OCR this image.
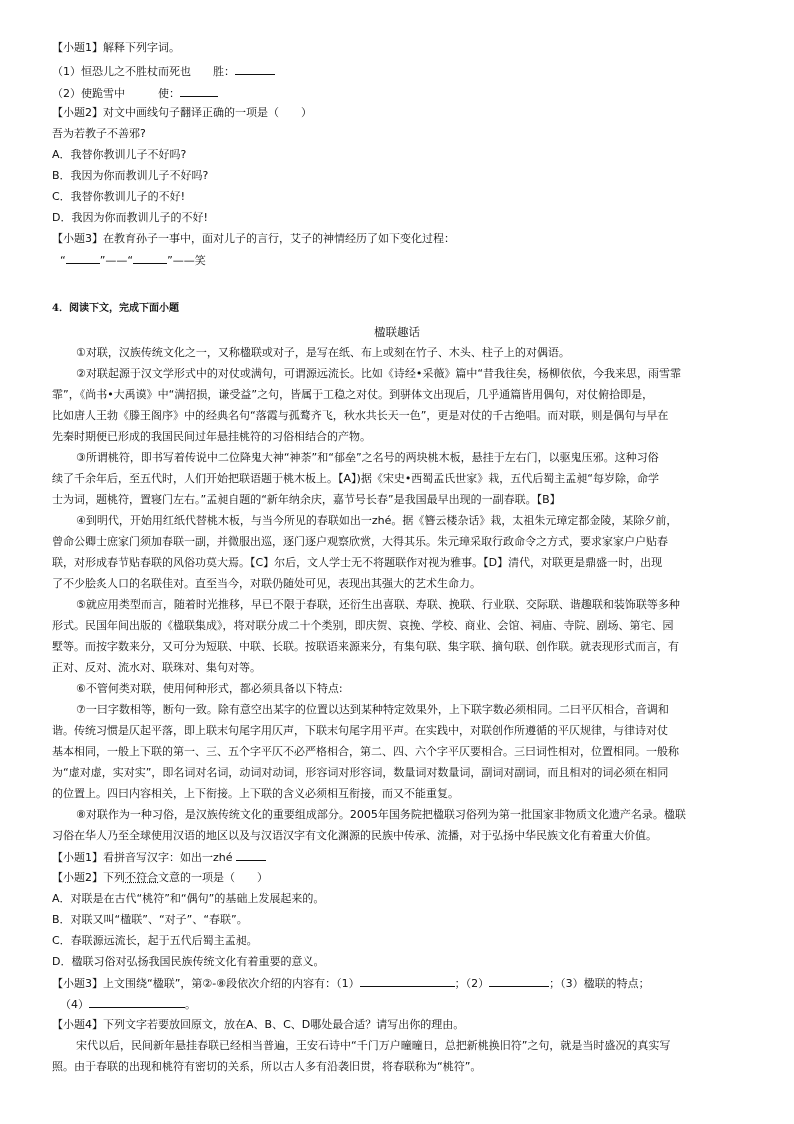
【小题1】解释下列字词。
（1）恒恐儿之不胜杖而死也　　胜：
（2）使跪雪中　　　使：
【小题2】对文中画线句子翻译正确的一项是（　　）
吾为若教子不善邪?
A．我替你教训儿子不好吗?
B．我因为你而教训儿子不好吗?
C．我替你教训儿子的不好!
D．我因为你而教训儿子的不好!
【小题3】在教育孙子一事中，面对儿子的言行，艾子的神情经历了如下变化过程：
“	”——“	”——笑
4．阅读下文，完成下面小题
楹联趣话
①对联，汉族传统文化之一，又称楹联或对子，是写在纸、布上或刻在竹子、木头、柱子上的对偶语。
②对联起源于汉文学形式中的对仗或满句，可谓源远流长。比如《诗经•采薇》篇中“昔我往矣，杨柳依依，今我来思，雨雪霏
霏”，《尚书•大禹谟》中“满招损，谦受益”之句，皆属于工稳之对仗。到骈体文出现后，几乎通篇皆用偶句，对仗俯拾即是，
比如唐人王勃《滕王阁序》中的经典名句“落霞与孤鹜齐飞，秋水共长天一色”，更是对仗的千古绝唱。而对联，则是偶句与早在
先秦时期便已形成的我国民间过年悬挂桃符的习俗相结合的产物。
③所谓桃符，即书写着传说中二位降鬼大神“神荼”和“郁垒”之名号的两块桃木板，悬挂于左右门，以驱鬼压邪。这种习俗
续了千余年后，至五代时，人们开始把联语题于桃木板上。【A】)据《宋史•西蜀孟氏世家》栽，五代后蜀主孟昶“每岁除，命学
士为词，题桃符，置寝门左右。”孟昶自题的“新年纳余庆，嘉节号长春”是我国最早出现的一副春联。【B】
④到明代，开始用红纸代替桃木板，与当今所见的春联如出一zhé。据《簪云楼杂话》栽，太祖朱元璋定都金陵，某除夕前，
曾命公卿士庶家门须加春联一副，并微服出巡，逐门逐户观察欣赏，大得其乐。朱元璋采取行政命令之方式，要求家家户户贴春
联，对形成春节贴春联的风俗功莫大焉。【C】尔后，文人学士无不将题联作对视为雅事。【D】清代，对联更是鼎盛一时，出现
了不少脍炙人口的名联佳对。直至当今，对联仍随处可见，表现出其强大的艺术生命力。
⑤就应用类型而言，随着时光推移，早已不限于春联，还衍生出喜联、寿联、挽联、行业联、交际联、谐趣联和装饰联等多种
形式。民国年间出版的《楹联集成》，将对联分成二十个类别，即庆贺、哀挽、学校、商业、会馆、祠庙、寺院、剧场、第宅、园
墅等。而按字数来分，又可分为短联、中联、长联。按联语来源来分，有集句联、集字联、摘句联、创作联。就表现形式而言，有
正对、反对、流水对、联珠对、集句对等。
⑥不管何类对联，使用何种形式，都必须具备以下特点:
⑦一曰字数相等，断句一致。除有意空出某字的位置以达到某种特定效果外，上下联字数必须相同。二曰平仄相合，音调和
谐。传统习惯是仄起平落，即上联末句尾字用仄声，下联末句尾字用平声。在实践中，对联创作所遵循的平仄规律，与律诗对仗
基本相同，一般上下联的第一、三、五个字平仄不必严格相合，第二、四、六个字平仄要相合。三曰词性相对，位置相同。一般称
为“虚对虚，实对实”，即名词对名词，动词对动词，形容词对形容词，数量词对数量词，副词对副词，而且相对的词必须在相同
的位置上。四曰内容相关，上下衔接。上下联的含义必须相互衔接，而又不能重复。
⑧对联作为一种习俗，是汉族传统文化的重要组成部分。2005年国务院把楹联习俗列为第一批国家非物质文化遗产名录。楹联
习俗在华人乃至全球使用汉语的地区以及与汉语汉字有文化渊源的民族中传承、流播，对于弘扬中华民族文化有着重大价值。
【小题1】看拼音写汉字：如出一zhé
【小题2】下列不符合文意的一项是（　　）
A．对联是在古代“桃符”和“偶句”的基础上发展起来的。
B．对联又叫“楹联”、“对子”、“春联”。
C．春联源远流长，起于五代后蜀主孟昶。
D．楹联习俗对弘扬我国民族传统文化有着重要的意义。
【小题3】上文围绕“楹联”，第②-⑧段依次介绍的内容有：（1）	；（2）	；（3）楹联的特点；
（4）	。
【小题4】下列文字若要放回原文，放在A、B、C、D哪处最合适？请写出你的理由。
宋代以后，民间新年悬挂春联已经相当普遍，王安石诗中“千门万户曈曈日，总把新桃换旧符”之句，就是当时盛况的真实写
照。由于春联的出现和桃符有密切的关系，所以古人多有沿袭旧贯，将春联称为“桃符”。
